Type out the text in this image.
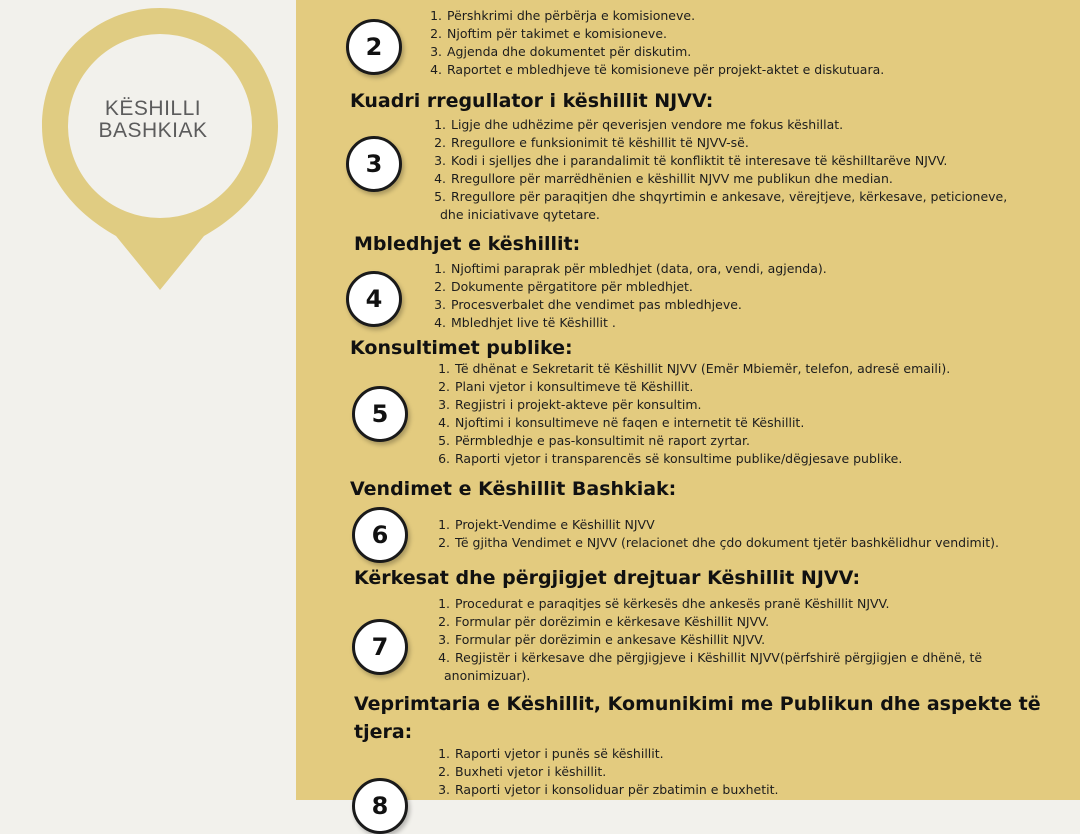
KËSHILLI
BASHKIAK
2
1. Përshkrimi dhe përbërja e komisioneve.
2. Njoftim për takimet e komisioneve.
3. Agjenda dhe dokumentet për diskutim.
4. Raportet e mbledhjeve të komisioneve për projekt-aktet e diskutuara.
Kuadri rregullator i këshillit NJVV:
3
1. Ligje dhe udhëzime për qeverisjen vendore me fokus këshillat.
2. Rregullore e funksionimit të këshillit të NJVV-së.
3. Kodi i sjelljes dhe i parandalimit të konfliktit të interesave të këshilltarëve NJVV.
4. Rregullore për marrëdhënien e këshillit NJVV me publikun dhe median.
5. Rregullore për paraqitjen dhe shqyrtimin e ankesave, vërejtjeve, kërkesave, peticioneve,
dhe iniciativave qytetare.
Mbledhjet e këshillit:
4
1. Njoftimi paraprak për mbledhjet (data, ora, vendi, agjenda).
2. Dokumente përgatitore për mbledhjet.
3. Procesverbalet dhe vendimet pas mbledhjeve.
4. Mbledhjet live të Këshillit .
Konsultimet publike:
5
1. Të dhënat e Sekretarit të Këshillit NJVV (Emër Mbiemër, telefon, adresë emaili).
2. Plani vjetor i konsultimeve të Këshillit.
3. Regjistri i projekt-akteve për konsultim.
4. Njoftimi i konsultimeve në faqen e internetit të Këshillit.
5. Përmbledhje e pas-konsultimit në raport zyrtar.
6. Raporti vjetor i transparencës së konsultime publike/dëgjesave publike.
Vendimet e Këshillit Bashkiak:
6	1. Projekt-Vendime e Këshillit NJVV
2. Të gjitha Vendimet e NJVV (relacionet dhe çdo dokument tjetër bashkëlidhur vendimit).
Kërkesat dhe përgjigjet drejtuar Këshillit NJVV:
7
1. Procedurat e paraqitjes së kërkesës dhe ankesës pranë Këshillit NJVV.
2. Formular për dorëzimin e kërkesave Këshillit NJVV.
3. Formular për dorëzimin e ankesave Këshillit NJVV.
4. Regjistër i kërkesave dhe përgjigjeve i Këshillit NJVV(përfshirë përgjigjen e dhënë, të
anonimizuar).
Veprimtaria e Këshillit, Komunikimi me Publikun dhe aspekte të tjera:
1. Raporti vjetor i punës së këshillit.
2. Buxheti vjetor i këshillit.
3. Raporti vjetor i konsoliduar për zbatimin e buxhetit.
8
